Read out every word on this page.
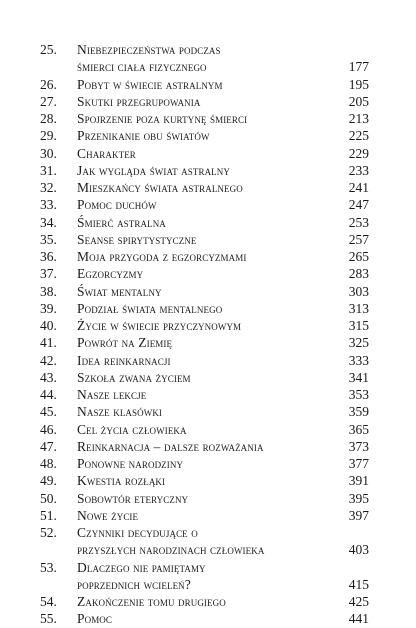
25.	Niebezpieczeństwa podczas
śmierci ciała fizycznego	177
26.	Pobyt w świecie astralnym	195
27.	Skutki przegrupowania	205
28.	Spojrzenie poza kurtynę śmierci	213
29.	Przenikanie obu światów	225
30.	Charakter	229
31.	Jak wygląda świat astralny	233
32.	Mieszkańcy świata astralnego	241
33.	Pomoc duchów	247
34.	Śmierć astralna	253
35.	Seanse spirytystyczne	257
36.	Moja przygoda z egzorcyzmami	265
37.	Egzorcyzmy	283
38.	Świat mentalny	303
39.	Podział świata mentalnego	313
40.	Życie w świecie przyczynowym	315
41.	Powrót na Ziemię	325
42.	Idea reinkarnacji	333
43.	Szkoła zwana życiem	341
44.	Nasze lekcje	353
45.	Nasze klasówki	359
46.	Cel życia człowieka	365
47.	Reinkarnacja – dalsze rozważania	373
48.	Ponowne narodziny	377
49.	Kwestia rozłąki	391
50.	Sobowtór eteryczny	395
51.	Nowe życie	397
52.	Czynniki decydujące o
przyszłych narodzinach człowieka	403
53.	Dlaczego nie pamiętamy
poprzednich wcieleń?	415
54.	Zakończenie tomu drugiego	425
55.	Pomoc	441
